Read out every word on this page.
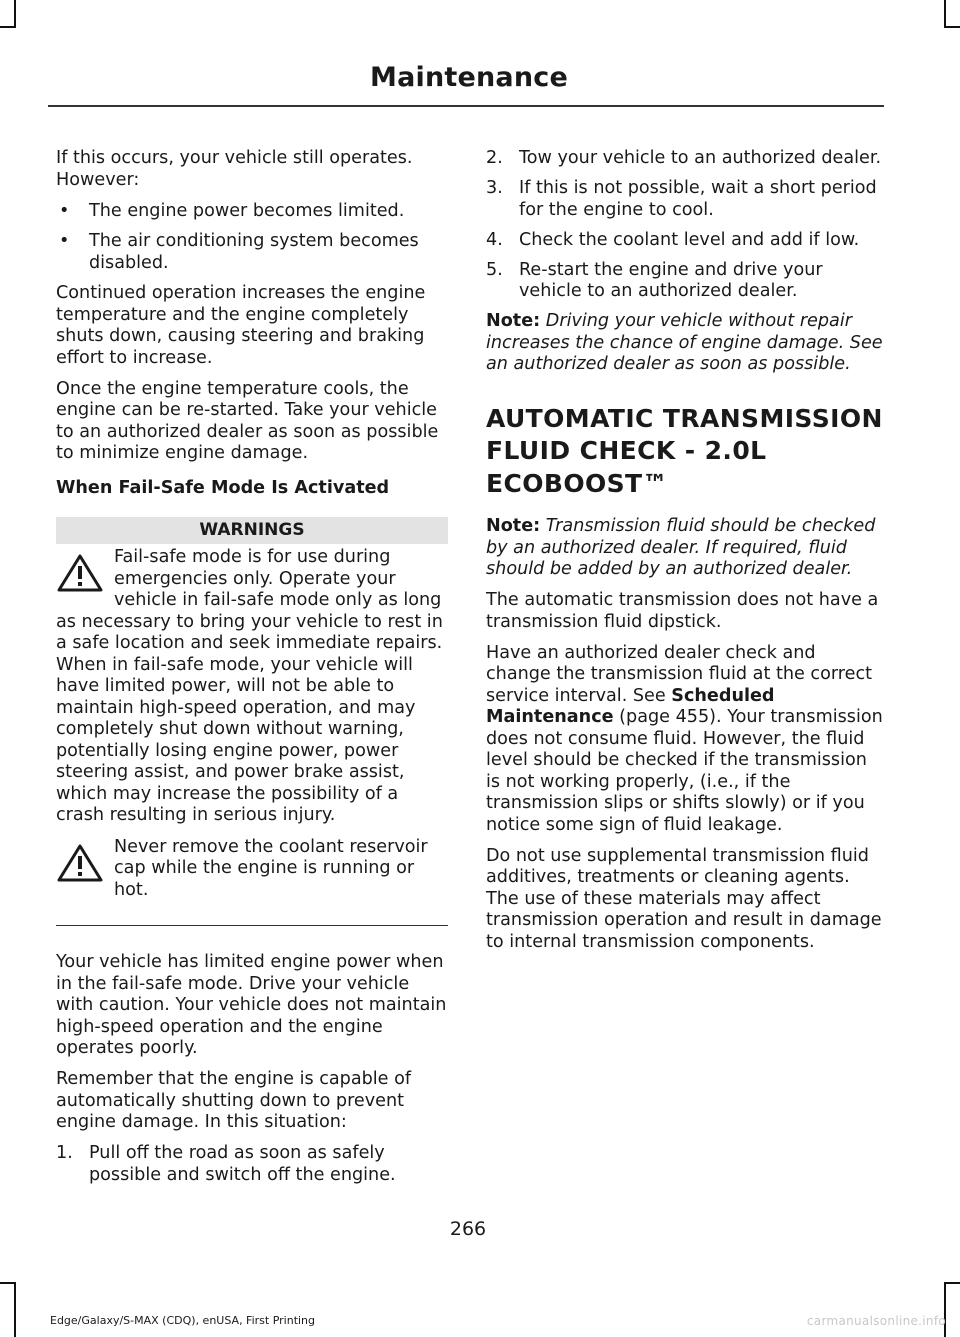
Maintenance

If this occurs, your vehicle still operates. However:

• The engine power becomes limited.
• The air conditioning system becomes disabled.

Continued operation increases the engine temperature and the engine completely shuts down, causing steering and braking effort to increase.

Once the engine temperature cools, the engine can be re-started. Take your vehicle to an authorized dealer as soon as possible to minimize engine damage.

When Fail-Safe Mode Is Activated
WARNINGS

Fail-safe mode is for use during emergencies only. Operate your vehicle in fail-safe mode only as long as necessary to bring your vehicle to rest in a safe location and seek immediate repairs. When in fail-safe mode, your vehicle will have limited power, will not be able to maintain high-speed operation, and may completely shut down without warning, potentially losing engine power, power steering assist, and power brake assist, which may increase the possibility of a crash resulting in serious injury.

Never remove the coolant reservoir cap while the engine is running or hot.

Your vehicle has limited engine power when in the fail-safe mode. Drive your vehicle with caution. Your vehicle does not maintain high-speed operation and the engine operates poorly.

Remember that the engine is capable of automatically shutting down to prevent engine damage. In this situation:

1. Pull off the road as soon as safely possible and switch off the engine.
2. Tow your vehicle to an authorized dealer.
3. If this is not possible, wait a short period for the engine to cool.
4. Check the coolant level and add if low.
5. Re-start the engine and drive your vehicle to an authorized dealer.

Note: Driving your vehicle without repair increases the chance of engine damage. See an authorized dealer as soon as possible.

AUTOMATIC TRANSMISSION
FLUID CHECK - 2.0L
ECOBOOST™

Note: Transmission fluid should be checked by an authorized dealer. If required, fluid should be added by an authorized dealer.

The automatic transmission does not have a transmission fluid dipstick.

Have an authorized dealer check and change the transmission fluid at the correct service interval. See Scheduled Maintenance (page 455). Your transmission does not consume fluid. However, the fluid level should be checked if the transmission is not working properly, (i.e., if the transmission slips or shifts slowly) or if you notice some sign of fluid leakage.

Do not use supplemental transmission fluid additives, treatments or cleaning agents. The use of these materials may affect transmission operation and result in damage to internal transmission components.

266
Edge/Galaxy/S-MAX (CDQ), enUSA, First Printing	carmanualsonline.info
